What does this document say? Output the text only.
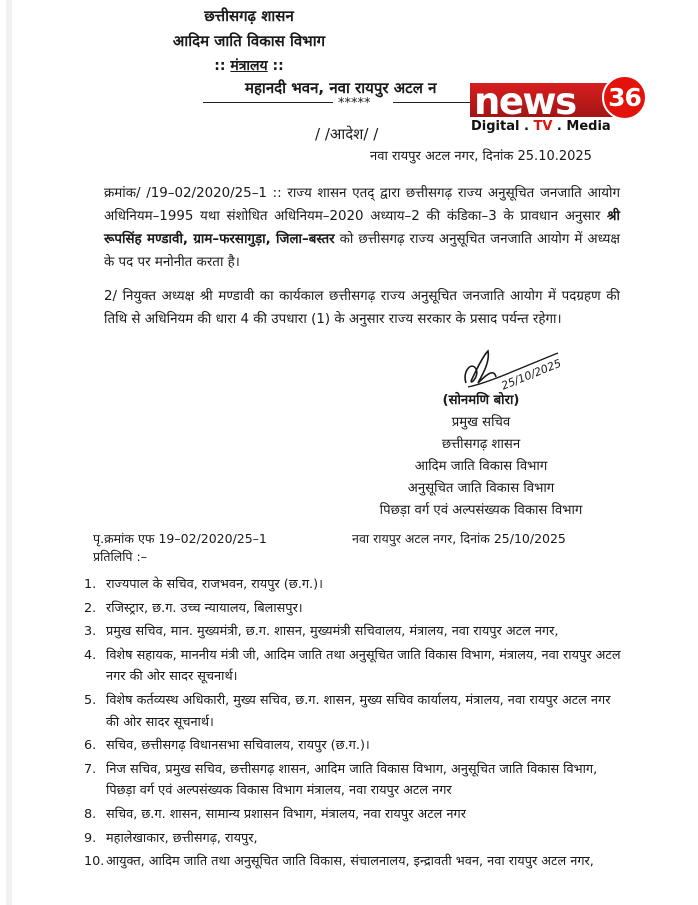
छत्तीसगढ़ शासन
आदिम जाति विकास विभाग
:: मंत्रालय ::
महानदी भवन, नवा रायपुर अटल न
*****
/ /आदेश/ /
नवा रायपुर अटल नगर, दिनांक 25.10.2025
news 36
Digital . TV . Media
क्रमांक/ /19–02/2020/25–1 :: राज्य शासन एतद् द्वारा छत्तीसगढ़ राज्य अनुसूचित जनजाति आयोग अधिनियम–1995 यथा संशोधित अधिनियम–2020 अध्याय–2 की कंडिका–3 के प्रावधान अनुसार श्री रूपसिंह मण्डावी, ग्राम–फरसागुड़ा, जिला–बस्तर को छत्तीसगढ़ राज्य अनुसूचित जनजाति आयोग में अध्यक्ष के पद पर मनोनीत करता है।
2/ नियुक्त अध्यक्ष श्री मण्डावी का कार्यकाल छत्तीसगढ़ राज्य अनुसूचित जनजाति आयोग में पदग्रहण की तिथि से अधिनियम की धारा 4 की उपधारा (1) के अनुसार राज्य सरकार के प्रसाद पर्यन्त रहेगा।
25/10/2025
(सोनमणि बोरा)
प्रमुख सचिव
छत्तीसगढ़ शासन
आदिम जाति विकास विभाग
अनुसूचित जाति विकास विभाग
पिछड़ा वर्ग एवं अल्पसंख्यक विकास विभाग
पृ.क्रमांक एफ 19–02/2020/25–1	नवा रायपुर अटल नगर, दिनांक 25/10/2025
प्रतिलिपि :–
1. राज्यपाल के सचिव, राजभवन, रायपुर (छ.ग.)।
2. रजिस्ट्रार, छ.ग. उच्च न्यायालय, बिलासपुर।
3. प्रमुख सचिव, मान. मुख्यमंत्री, छ.ग. शासन, मुख्यमंत्री सचिवालय, मंत्रालय, नवा रायपुर अटल नगर,
4. विशेष सहायक, माननीय मंत्री जी, आदिम जाति तथा अनुसूचित जाति विकास विभाग, मंत्रालय, नवा रायपुर अटल नगर की ओर सादर सूचनार्थ।
5. विशेष कर्तव्यस्थ अधिकारी, मुख्य सचिव, छ.ग. शासन, मुख्य सचिव कार्यालय, मंत्रालय, नवा रायपुर अटल नगर की ओर सादर सूचनार्थ।
6. सचिव, छत्तीसगढ़ विधानसभा सचिवालय, रायपुर (छ.ग.)।
7. निज सचिव, प्रमुख सचिव, छत्तीसगढ़ शासन, आदिम जाति विकास विभाग, अनुसूचित जाति विकास विभाग, पिछड़ा वर्ग एवं अल्पसंख्यक विकास विभाग मंत्रालय, नवा रायपुर अटल नगर
8. सचिव, छ.ग. शासन, सामान्य प्रशासन विभाग, मंत्रालय, नवा रायपुर अटल नगर
9. महालेखाकार, छत्तीसगढ़, रायपुर,
10. आयुक्त, आदिम जाति तथा अनुसूचित जाति विकास, संचालनालय, इन्द्रावती भवन, नवा रायपुर अटल नगर,
